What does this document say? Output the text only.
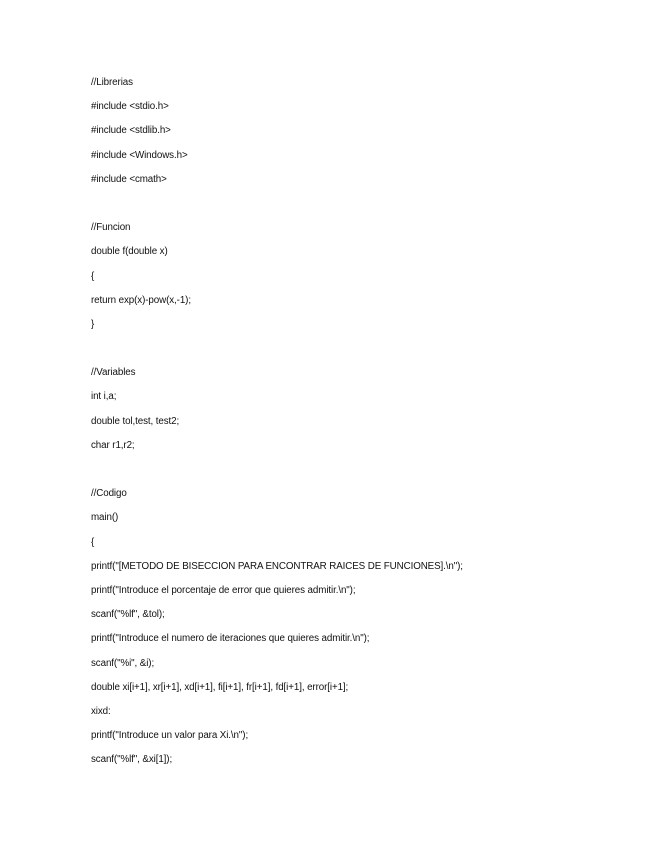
//Librerias
#include <stdio.h>
#include <stdlib.h>
#include <Windows.h>
#include <cmath>
//Funcion
double f(double x)
{
return exp(x)-pow(x,-1);
}
//Variables
int i,a;
double tol,test, test2;
char r1,r2;
//Codigo
main()
{
printf("[METODO DE BISECCION PARA ENCONTRAR RAICES DE FUNCIONES].\n");
printf("Introduce el porcentaje de error que quieres admitir.\n");
scanf("%lf", &tol);
printf("Introduce el numero de iteraciones que quieres admitir.\n");
scanf("%i", &i);
double xi[i+1], xr[i+1], xd[i+1], fi[i+1], fr[i+1], fd[i+1], error[i+1];
xixd:
printf("Introduce un valor para Xi.\n");
scanf("%lf", &xi[1]);
